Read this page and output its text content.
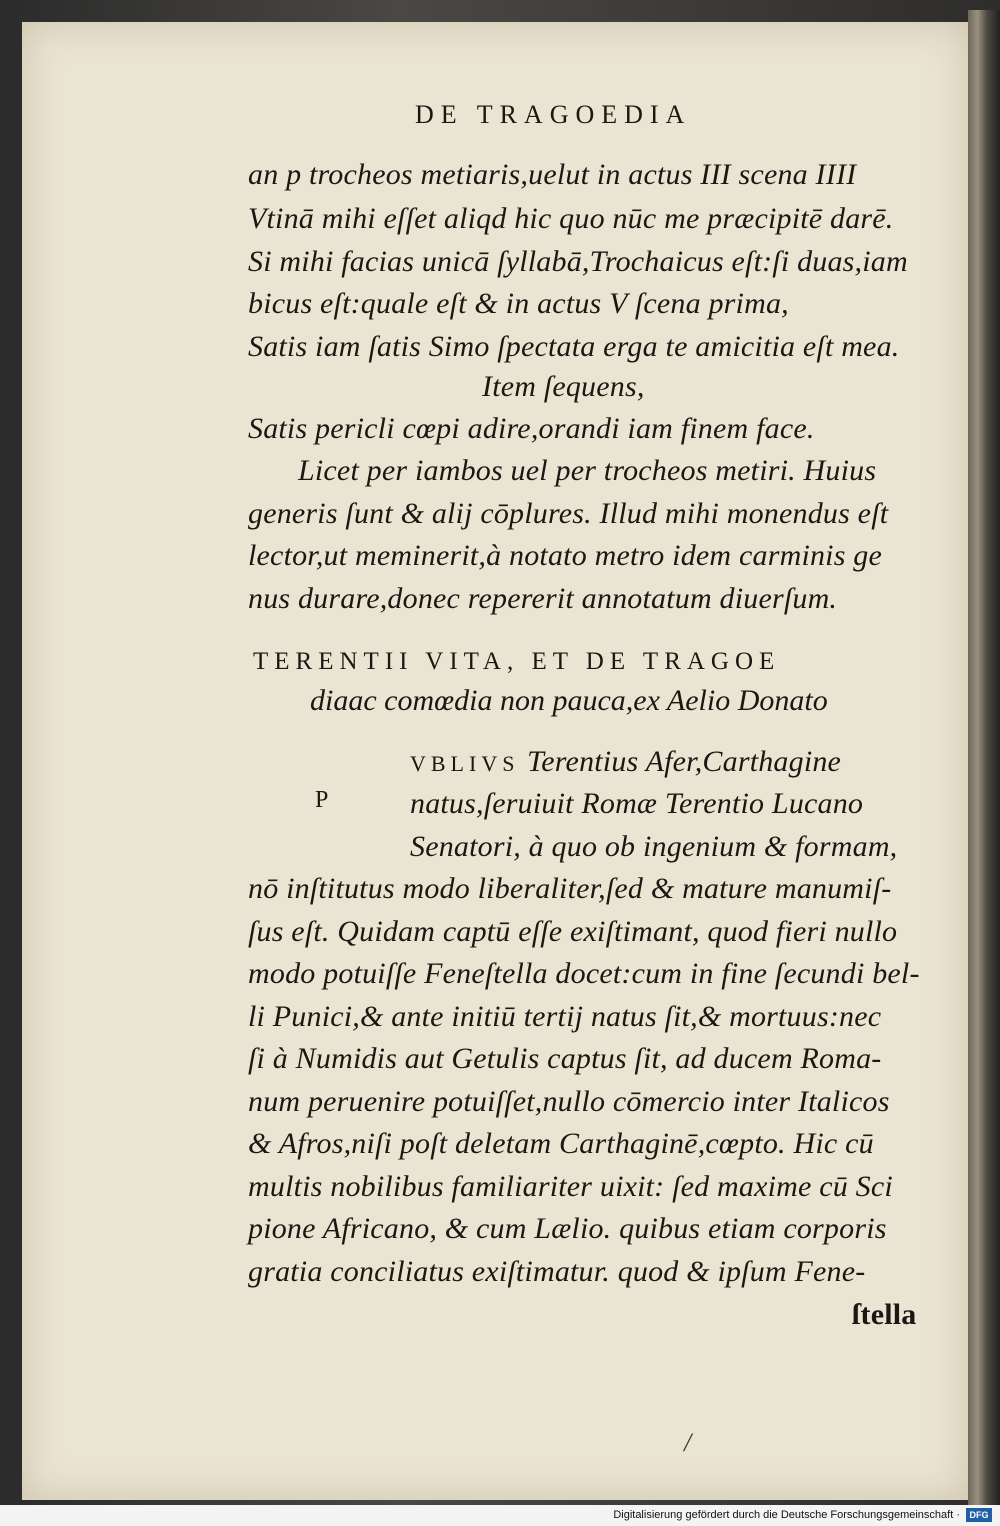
DE TRAGOEDIA
an p trocheos metiaris,uelut in actus III scena IIII
Vtinā mihi eſſet aliqd hic quo nūc me præcipitē darē.
Si mihi facias unicā ſyllabā,Trochaicus eſt:ſi duas,iam
bicus eſt:quale eſt & in actus V ſcena prima,
Satis iam ſatis Simo ſpectata erga te amicitia eſt mea.
Item ſequens,
Satis pericli cœpi adire,orandi iam finem face.
Licet per iambos uel per trocheos metiri. Huius
generis ſunt & alij cōplures. Illud mihi monendus eſt
lector,ut meminerit,à notato metro idem carminis ge
nus durare,donec repererit annotatum diuerſum.
TERENTII VITA, ET DE TRAGOE
diaac comœdia non pauca,ex Aelio Donato
P
VBLIVS Terentius Afer,Carthagine
natus,ſeruiuit Romæ Terentio Lucano
Senatori, à quo ob ingenium & formam,
nō inſtitutus modo liberaliter,ſed & mature manumiſ-
ſus eſt. Quidam captū eſſe exiſtimant, quod fieri nullo
modo potuiſſe Feneſtella docet:cum in fine ſecundi bel-
li Punici,& ante initiū tertij natus ſit,& mortuus:nec
ſi à Numidis aut Getulis captus ſit, ad ducem Roma-
num peruenire potuiſſet,nullo cōmercio inter Italicos
& Afros,niſi poſt deletam Carthaginē,cœpto. Hic cū
multis nobilibus familiariter uixit: ſed maxime cū Sci
pione Africano, & cum Lælio. quibus etiam corporis
gratia conciliatus exiſtimatur. quod & ipſum Fene-
ſtella
/
Digitalisierung gefördert durch die Deutsche Forschungsgemeinschaft ·	DFG
